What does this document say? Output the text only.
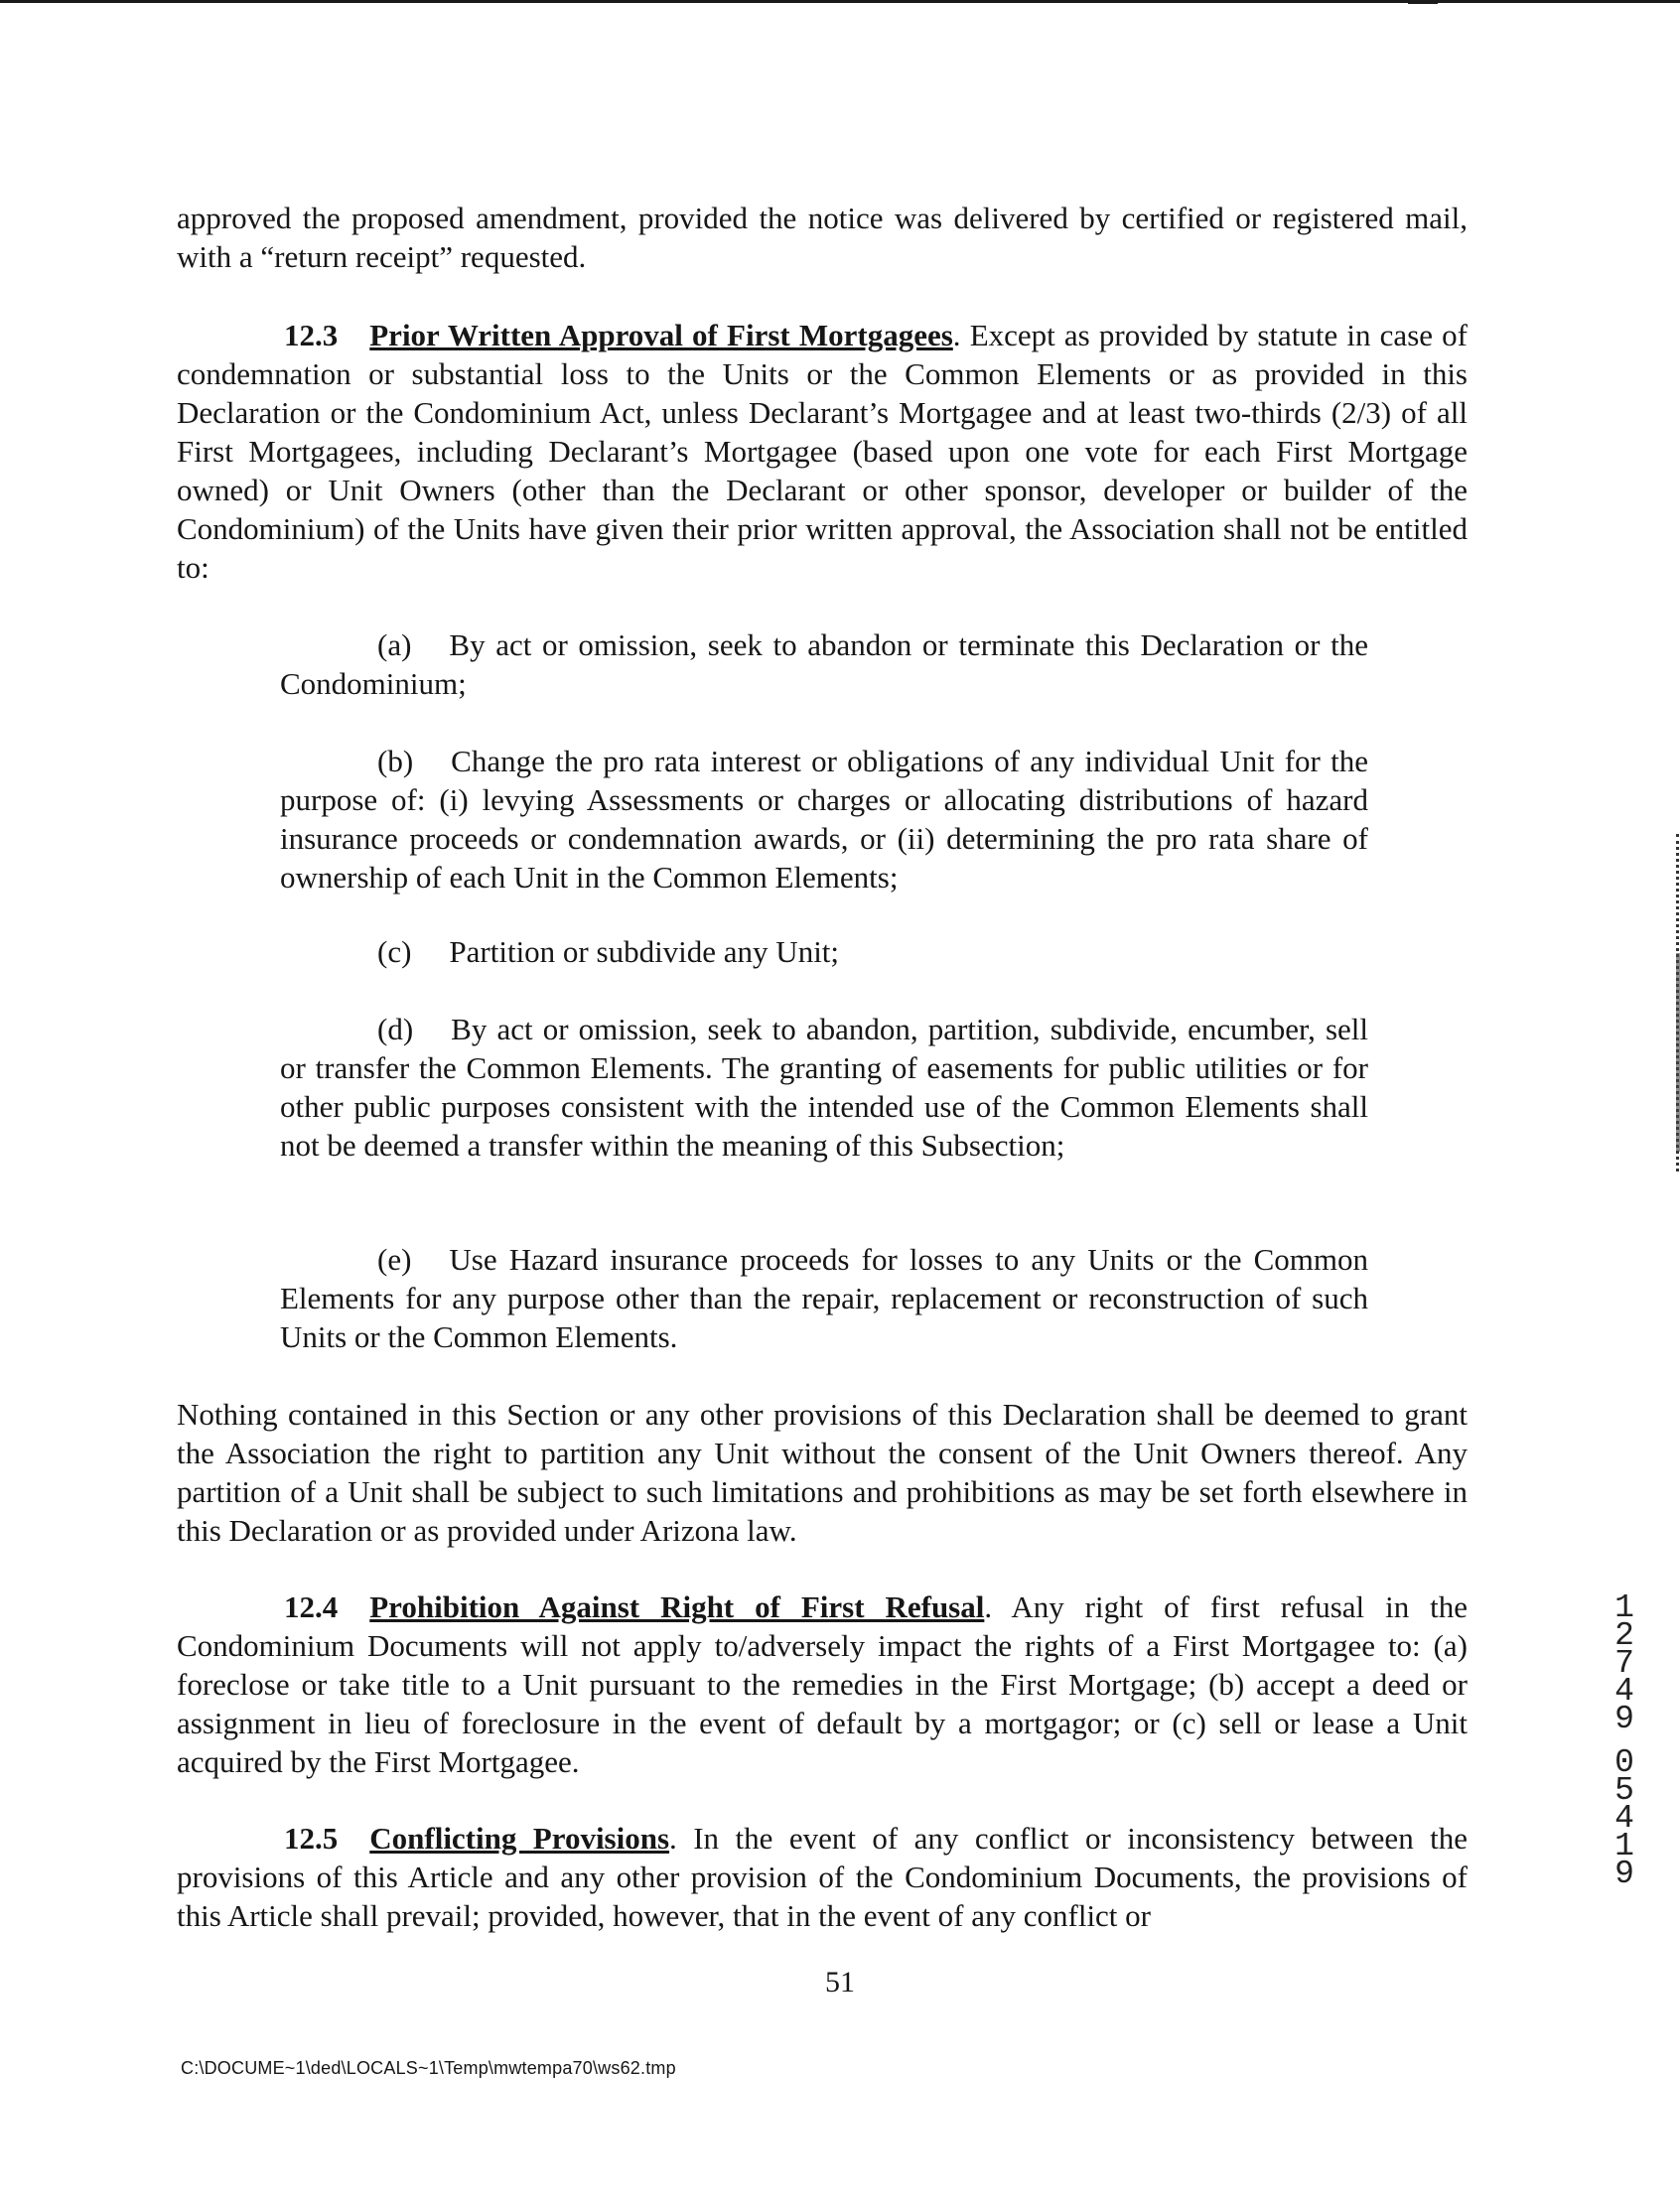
approved the proposed amendment, provided the notice was delivered by certified or registered mail, with a “return receipt” requested.

12.3 Prior Written Approval of First Mortgagees. Except as provided by statute in case of condemnation or substantial loss to the Units or the Common Elements or as provided in this Declaration or the Condominium Act, unless Declarant’s Mortgagee and at least two-thirds (2/3) of all First Mortgagees, including Declarant’s Mortgagee (based upon one vote for each First Mortgage owned) or Unit Owners (other than the Declarant or other sponsor, developer or builder of the Condominium) of the Units have given their prior written approval, the Association shall not be entitled to:

(a) By act or omission, seek to abandon or terminate this Declaration or the Condominium;

(b) Change the pro rata interest or obligations of any individual Unit for the purpose of: (i) levying Assessments or charges or allocating distributions of hazard insurance proceeds or condemnation awards, or (ii) determining the pro rata share of ownership of each Unit in the Common Elements;

(c) Partition or subdivide any Unit;

(d) By act or omission, seek to abandon, partition, subdivide, encumber, sell or transfer the Common Elements. The granting of easements for public utilities or for other public purposes consistent with the intended use of the Common Elements shall not be deemed a transfer within the meaning of this Subsection;

(e) Use Hazard insurance proceeds for losses to any Units or the Common Elements for any purpose other than the repair, replacement or reconstruction of such Units or the Common Elements.

Nothing contained in this Section or any other provisions of this Declaration shall be deemed to grant the Association the right to partition any Unit without the consent of the Unit Owners thereof. Any partition of a Unit shall be subject to such limitations and prohibitions as may be set forth elsewhere in this Declaration or as provided under Arizona law.

12.4 Prohibition Against Right of First Refusal. Any right of first refusal in the Condominium Documents will not apply to/adversely impact the rights of a First Mortgagee to: (a) foreclose or take title to a Unit pursuant to the remedies in the First Mortgage; (b) accept a deed or assignment in lieu of foreclosure in the event of default by a mortgagor; or (c) sell or lease a Unit acquired by the First Mortgagee.

12.5 Conflicting Provisions. In the event of any conflict or inconsistency between the provisions of this Article and any other provision of the Condominium Documents, the provisions of this Article shall prevail; provided, however, that in the event of any conflict or

51
C:\DOCUME~1\ded\LOCALS~1\Temp\mwtempa70\ws62.tmp
1
2
7
4
9
0
5
4
1
9
